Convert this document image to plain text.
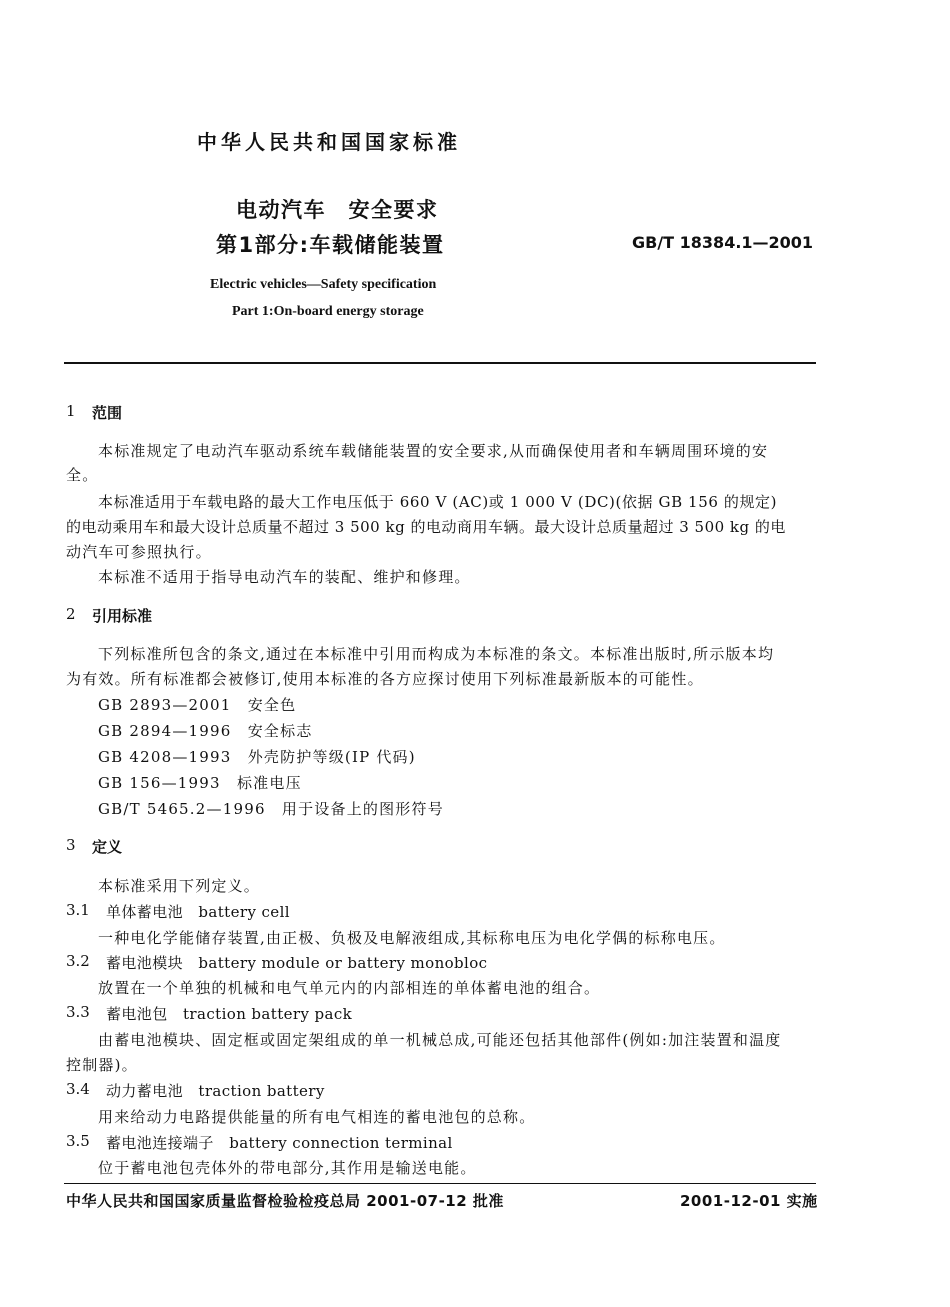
中华人民共和国国家标准
电动汽车　安全要求
第1部分:车载储能装置	GB/T 18384.1—2001
Electric vehicles—Safety specification
Part 1:On-board energy storage
1 范围
本标准规定了电动汽车驱动系统车载储能装置的安全要求,从而确保使用者和车辆周围环境的安
全。
本标准适用于车载电路的最大工作电压低于 660 V (AC)或 1 000 V (DC)(依据 GB 156 的规定)
的电动乘用车和最大设计总质量不超过 3 500 kg 的电动商用车辆。最大设计总质量超过 3 500 kg 的电
动汽车可参照执行。
本标准不适用于指导电动汽车的装配、维护和修理。
2 引用标准
下列标准所包含的条文,通过在本标准中引用而构成为本标准的条文。本标准出版时,所示版本均
为有效。所有标准都会被修订,使用本标准的各方应探讨使用下列标准最新版本的可能性。
GB 2893—2001　安全色
GB 2894—1996　安全标志
GB 4208—1993　外壳防护等级(IP 代码)
GB 156—1993　标准电压
GB/T 5465.2—1996　用于设备上的图形符号
3 定义
本标准采用下列定义。
3.1 单体蓄电池　battery cell
一种电化学能储存装置,由正极、负极及电解液组成,其标称电压为电化学偶的标称电压。
3.2 蓄电池模块　battery module or battery monobloc
放置在一个单独的机械和电气单元内的内部相连的单体蓄电池的组合。
3.3 蓄电池包　traction battery pack
由蓄电池模块、固定框或固定架组成的单一机械总成,可能还包括其他部件(例如:加注装置和温度
控制器)。
3.4 动力蓄电池　traction battery
用来给动力电路提供能量的所有电气相连的蓄电池包的总称。
3.5 蓄电池连接端子　battery connection terminal
位于蓄电池包壳体外的带电部分,其作用是输送电能。
中华人民共和国国家质量监督检验检疫总局 2001-07-12 批准	2001-12-01 实施
